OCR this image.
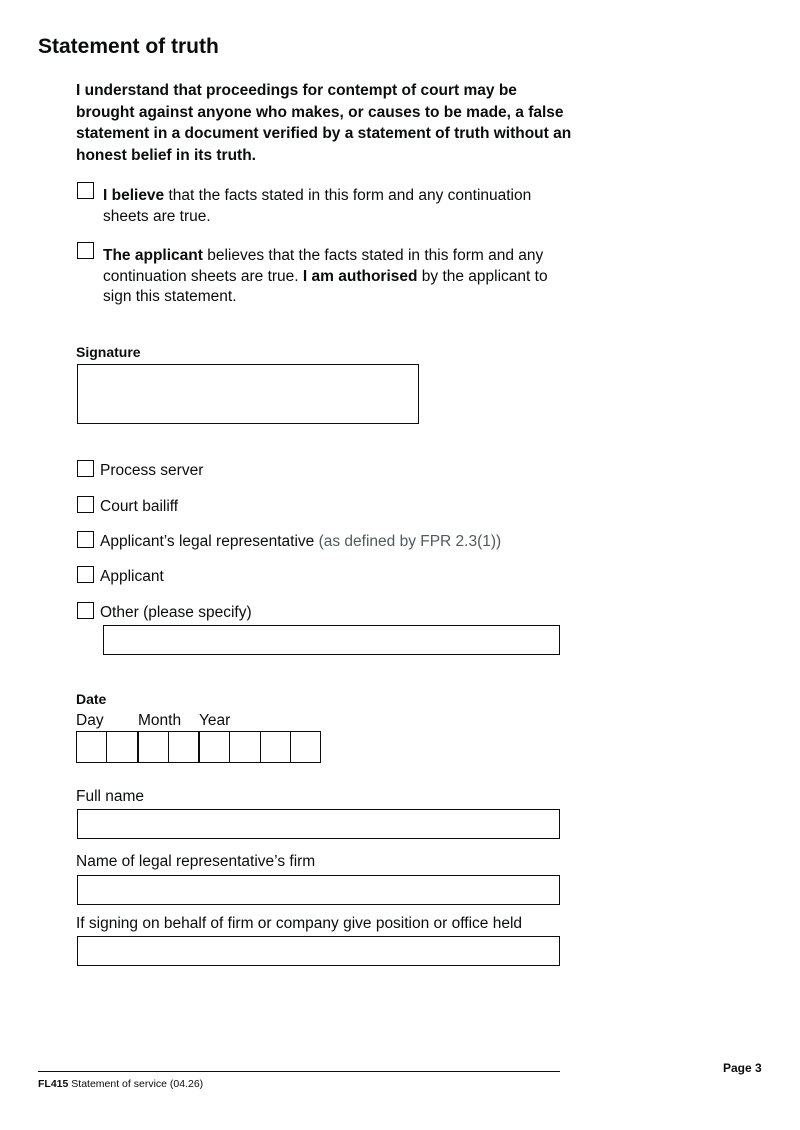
Statement of truth
I understand that proceedings for contempt of court may be brought against anyone who makes, or causes to be made, a false statement in a document verified by a statement of truth without an honest belief in its truth.
I believe that the facts stated in this form and any continuation sheets are true.
The applicant believes that the facts stated in this form and any continuation sheets are true. I am authorised by the applicant to sign this statement.
Signature
Process server
Court bailiff
Applicant’s legal representative (as defined by FPR 2.3(1))
Applicant
Other (please specify)
Date
Day Month Year
Full name
Name of legal representative’s firm
If signing on behalf of firm or company give position or office held
FL415 Statement of service (04.26)
Page 3
